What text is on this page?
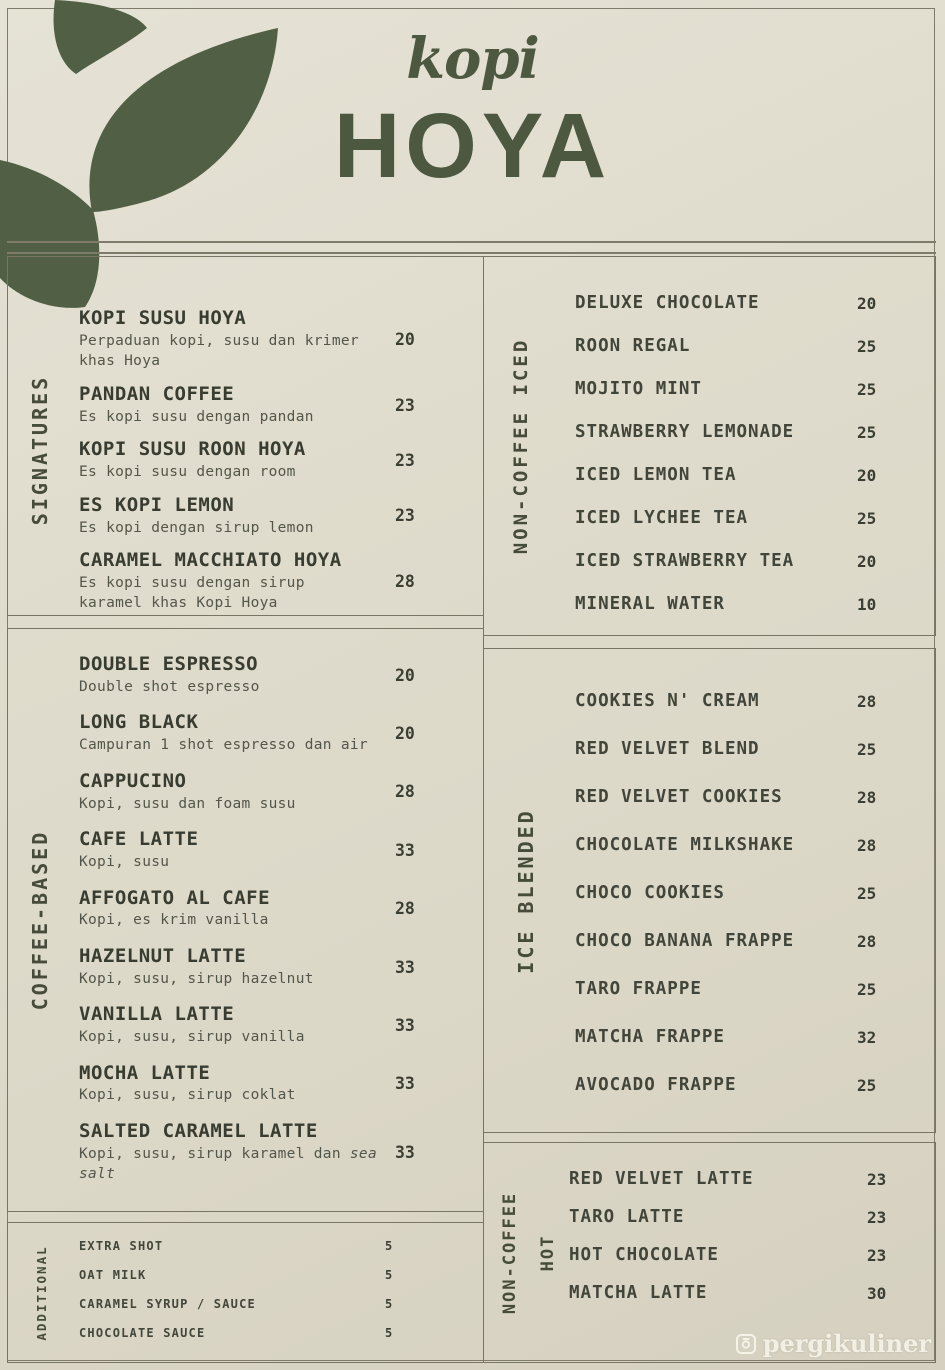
kopi
HOYA
SIGNATURES
KOPI SUSU HOYA
Perpaduan kopi, susu dan krimer khas Hoya
20
PANDAN COFFEE
Es kopi susu dengan pandan
23
KOPI SUSU ROON HOYA
Es kopi susu dengan room
23
ES KOPI LEMON
Es kopi dengan sirup lemon
23
CARAMEL MACCHIATO HOYA
Es kopi susu dengan sirup karamel khas Kopi Hoya
28
COFFEE-BASED
DOUBLE ESPRESSO
Double shot espresso
20
LONG BLACK
Campuran 1 shot espresso dan air
20
CAPPUCINO
Kopi, susu dan foam susu
28
CAFE LATTE
Kopi, susu
33
AFFOGATO AL CAFE
Kopi, es krim vanilla
28
HAZELNUT LATTE
Kopi, susu, sirup hazelnut
33
VANILLA LATTE
Kopi, susu, sirup vanilla
33
MOCHA LATTE
Kopi, susu, sirup coklat
33
SALTED CARAMEL LATTE
Kopi, susu, sirup karamel dan sea salt
33
ADDITIONAL	EXTRA SHOT	5
OAT MILK	5
CARAMEL SYRUP / SAUCE	5
CHOCOLATE SAUCE	5
NON-COFFEE ICED
DELUXE CHOCOLATE	20
ROON REGAL	25
MOJITO MINT	25
STRAWBERRY LEMONADE	25
ICED LEMON TEA	20
ICED LYCHEE TEA	25
ICED STRAWBERRY TEA	20
MINERAL WATER	10
ICE BLENDED
COOKIES N' CREAM	28
RED VELVET BLEND	25
RED VELVET COOKIES	28
CHOCOLATE MILKSHAKE	28
CHOCO COOKIES	25
CHOCO BANANA FRAPPE	28
TARO FRAPPE	25
MATCHA FRAPPE	32
AVOCADO FRAPPE	25
NON-COFFEE HOT
RED VELVET LATTE	23
TARO LATTE	23
HOT CHOCOLATE	23
MATCHA LATTE	30
pergikuliner
